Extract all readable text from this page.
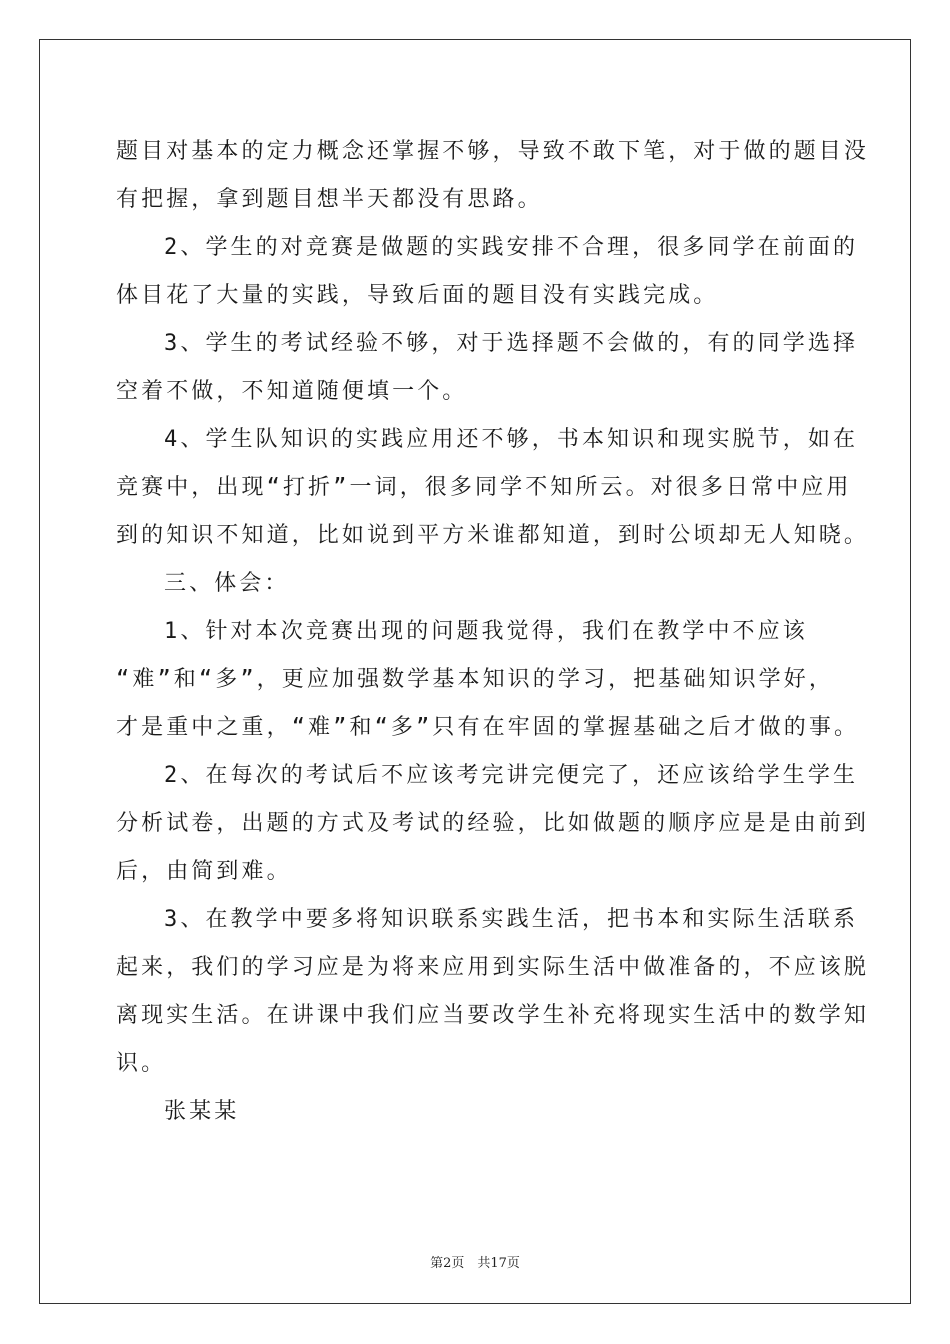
题目对基本的定力概念还掌握不够，导致不敢下笔，对于做的题目没
有把握，拿到题目想半天都没有思路。
2、学生的对竞赛是做题的实践安排不合理，很多同学在前面的
体目花了大量的实践，导致后面的题目没有实践完成。
3、学生的考试经验不够，对于选择题不会做的，有的同学选择
空着不做，不知道随便填一个。
4、学生队知识的实践应用还不够，书本知识和现实脱节，如在
竞赛中，出现“打折”一词，很多同学不知所云。对很多日常中应用
到的知识不知道，比如说到平方米谁都知道，到时公顷却无人知晓。
三、体会：
1、针对本次竞赛出现的问题我觉得，我们在教学中不应该
“难”和“多”，更应加强数学基本知识的学习，把基础知识学好，
才是重中之重，“难”和“多”只有在牢固的掌握基础之后才做的事。
2、在每次的考试后不应该考完讲完便完了，还应该给学生学生
分析试卷，出题的方式及考试的经验，比如做题的顺序应是是由前到
后，由简到难。
3、在教学中要多将知识联系实践生活，把书本和实际生活联系
起来，我们的学习应是为将来应用到实际生活中做准备的，不应该脱
离现实生活。在讲课中我们应当要改学生补充将现实生活中的数学知
识。
张某某
第2页　共17页
